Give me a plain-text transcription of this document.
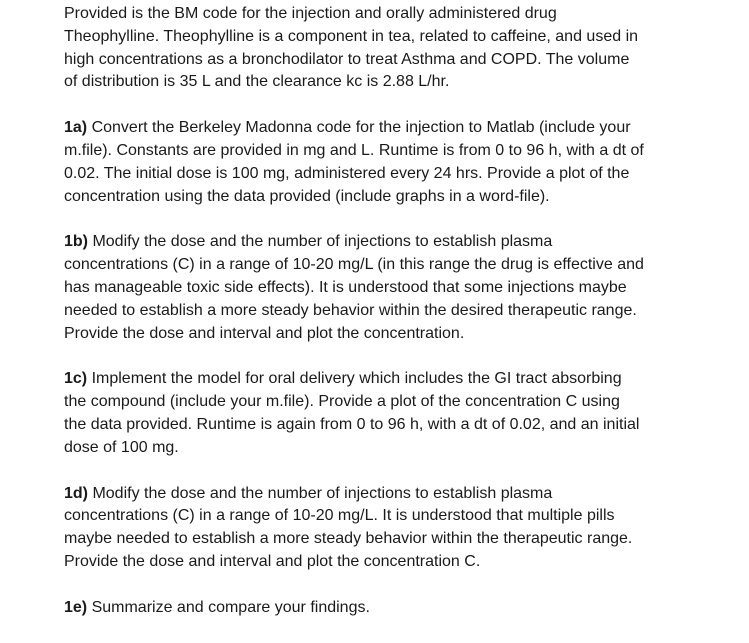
Provided is the BM code for the injection and orally administered drug
Theophylline. Theophylline is a component in tea, related to caffeine, and used in
high concentrations as a bronchodilator to treat Asthma and COPD. The volume
of distribution is 35 L and the clearance kc is 2.88 L/hr.

1a) Convert the Berkeley Madonna code for the injection to Matlab (include your
m.file). Constants are provided in mg and L. Runtime is from 0 to 96 h, with a dt of
0.02. The initial dose is 100 mg, administered every 24 hrs. Provide a plot of the
concentration using the data provided (include graphs in a word-file).

1b) Modify the dose and the number of injections to establish plasma
concentrations (C) in a range of 10-20 mg/L (in this range the drug is effective and
has manageable toxic side effects). It is understood that some injections maybe
needed to establish a more steady behavior within the desired therapeutic range.
Provide the dose and interval and plot the concentration.

1c) Implement the model for oral delivery which includes the GI tract absorbing
the compound (include your m.file). Provide a plot of the concentration C using
the data provided. Runtime is again from 0 to 96 h, with a dt of 0.02, and an initial
dose of 100 mg.

1d) Modify the dose and the number of injections to establish plasma
concentrations (C) in a range of 10-20 mg/L. It is understood that multiple pills
maybe needed to establish a more steady behavior within the therapeutic range.
Provide the dose and interval and plot the concentration C.

1e) Summarize and compare your findings.
